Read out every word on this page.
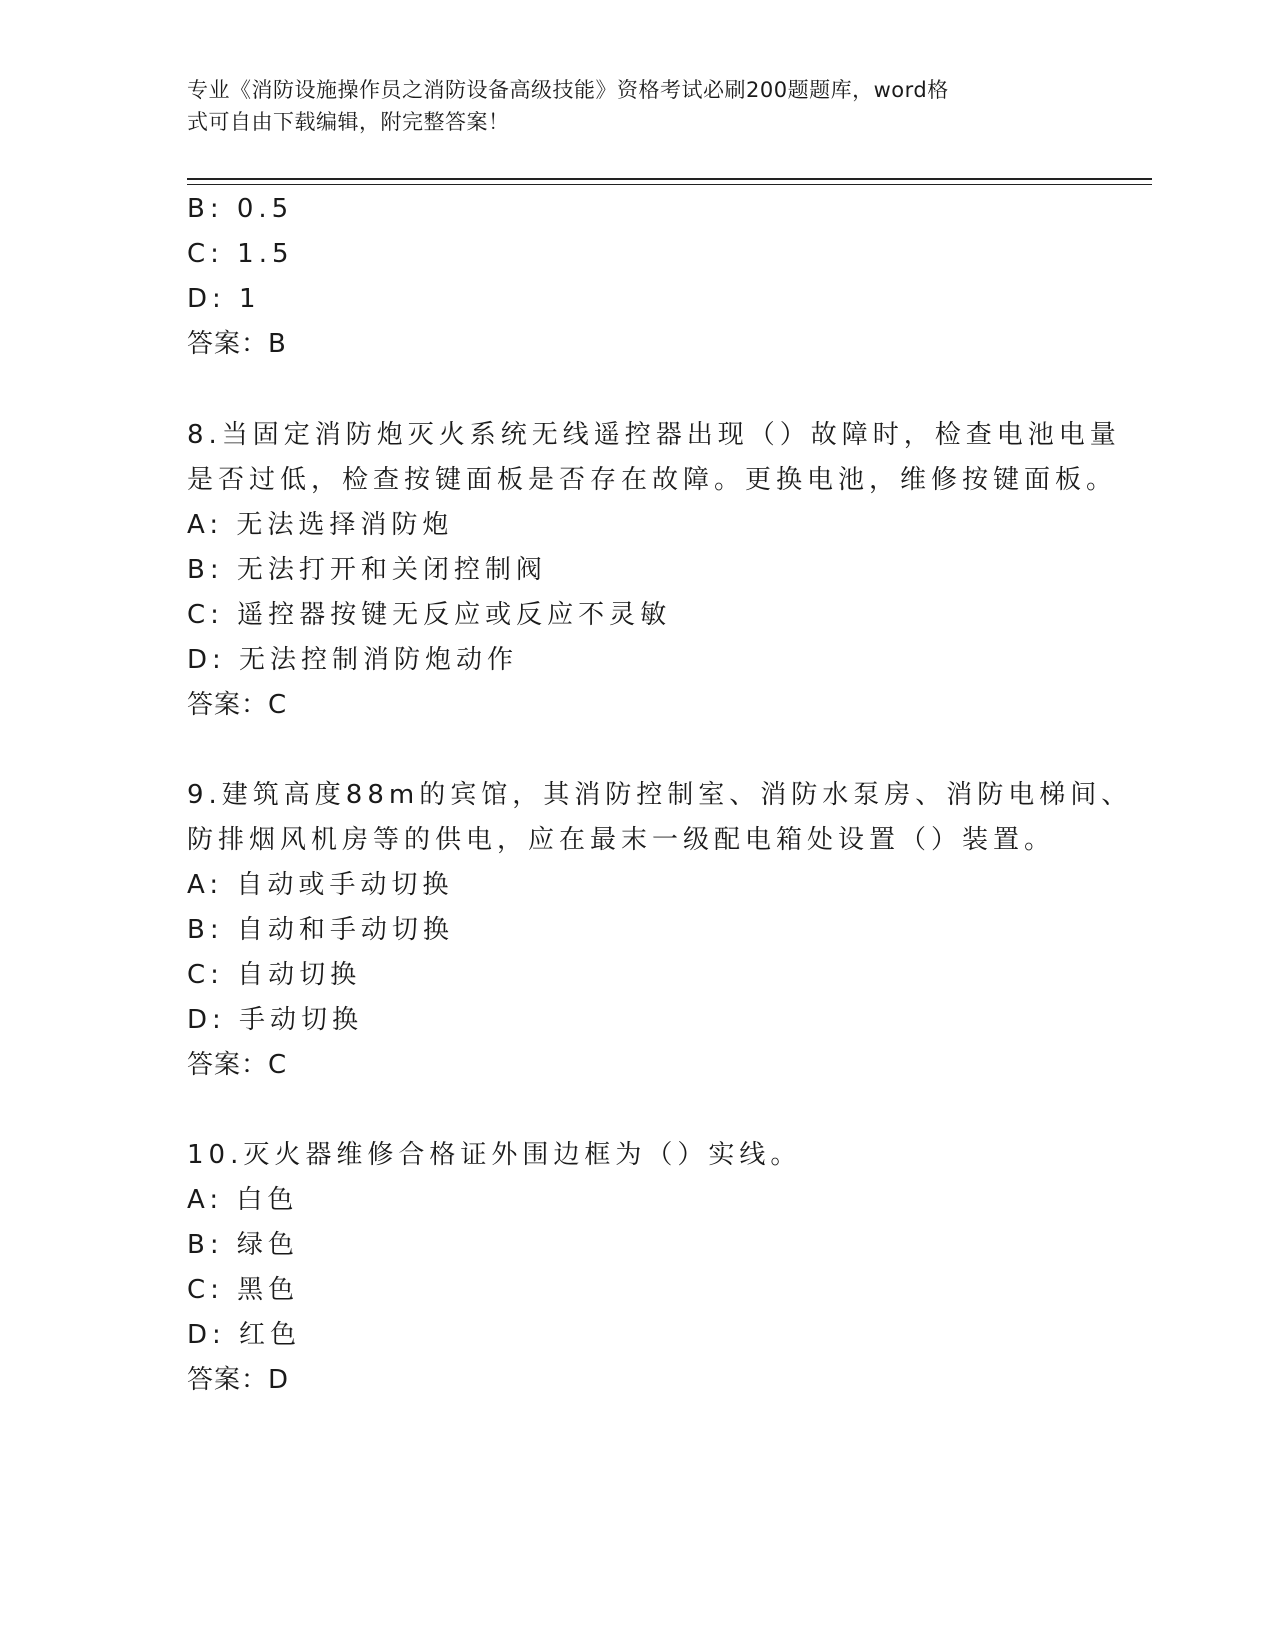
专业《消防设施操作员之消防设备高级技能》资格考试必刷200题题库，word格
式可自由下载编辑，附完整答案！

B: 0.5

C: 1.5

D: 1

答案：B

8.当固定消防炮灭火系统无线遥控器出现（）故障时，检查电池电量

是否过低，检查按键面板是否存在故障。更换电池，维修按键面板。

A: 无法选择消防炮

B: 无法打开和关闭控制阀

C: 遥控器按键无反应或反应不灵敏

D: 无法控制消防炮动作

答案：C

9.建筑高度88m的宾馆，其消防控制室、消防水泵房、消防电梯间、

防排烟风机房等的供电，应在最末一级配电箱处设置（）装置。

A: 自动或手动切换

B: 自动和手动切换

C: 自动切换

D: 手动切换

答案：C

10.灭火器维修合格证外围边框为（）实线。

A: 白色

B: 绿色

C: 黑色

D: 红色

答案：D
